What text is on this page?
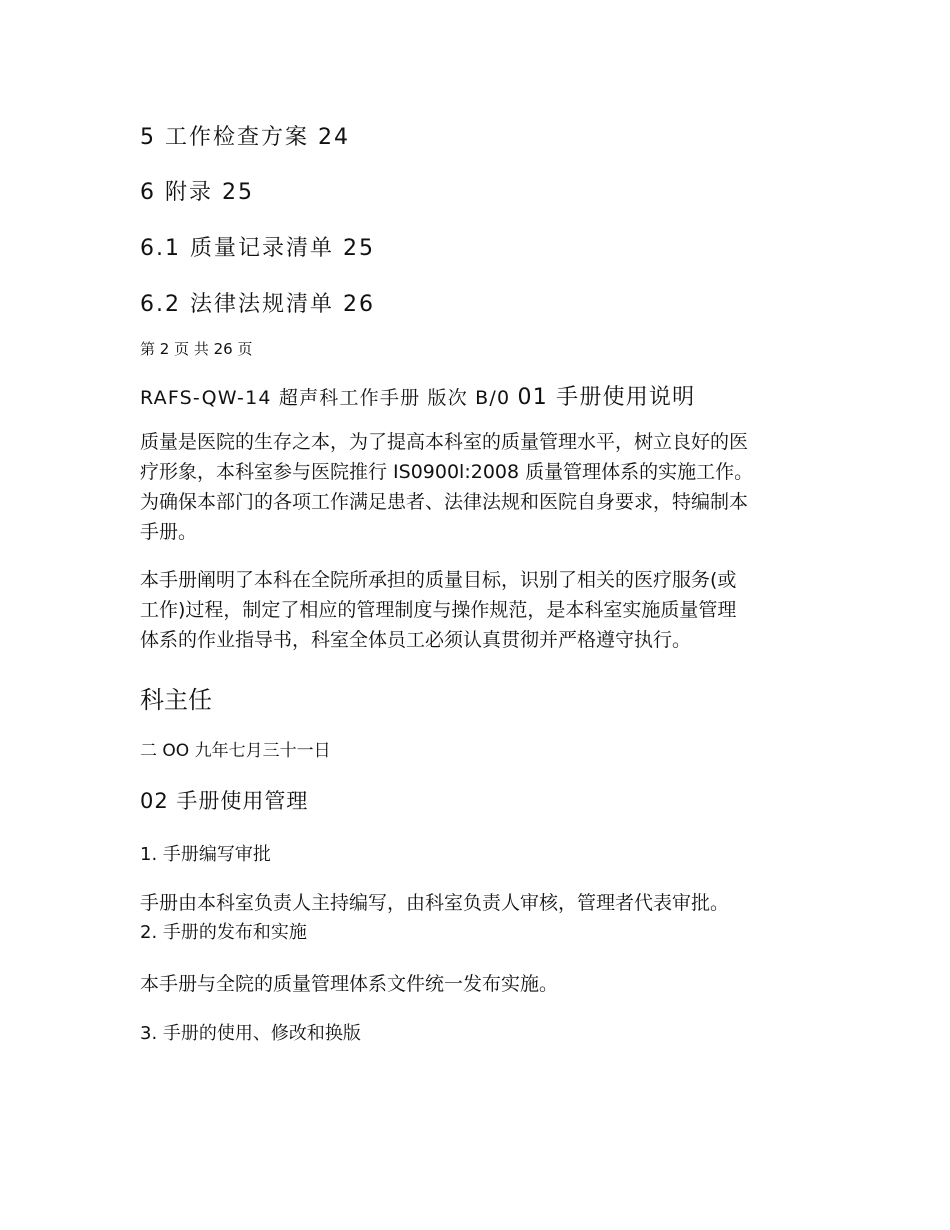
5 工作检查方案 24
6 附录 25
6.1 质量记录清单 25
6.2 法律法规清单 26
第 2 页 共 26 页
RAFS-QW-14 超声科工作手册 版次 B/0 01 手册使用说明
质量是医院的生存之本，为了提高本科室的质量管理水平，树立良好的医
疗形象，本科室参与医院推行 IS0900l:2008 质量管理体系的实施工作。
为确保本部门的各项工作满足患者、法律法规和医院自身要求，特编制本
手册。
本手册阐明了本科在全院所承担的质量目标，识别了相关的医疗服务(或
工作)过程，制定了相应的管理制度与操作规范，是本科室实施质量管理
体系的作业指导书，科室全体员工必须认真贯彻并严格遵守执行。
科主任
二 OO 九年七月三十一日
02 手册使用管理
1. 手册编写审批
手册由本科室负责人主持编写，由科室负责人审核，管理者代表审批。
2. 手册的发布和实施
本手册与全院的质量管理体系文件统一发布实施。
3. 手册的使用、修改和换版
